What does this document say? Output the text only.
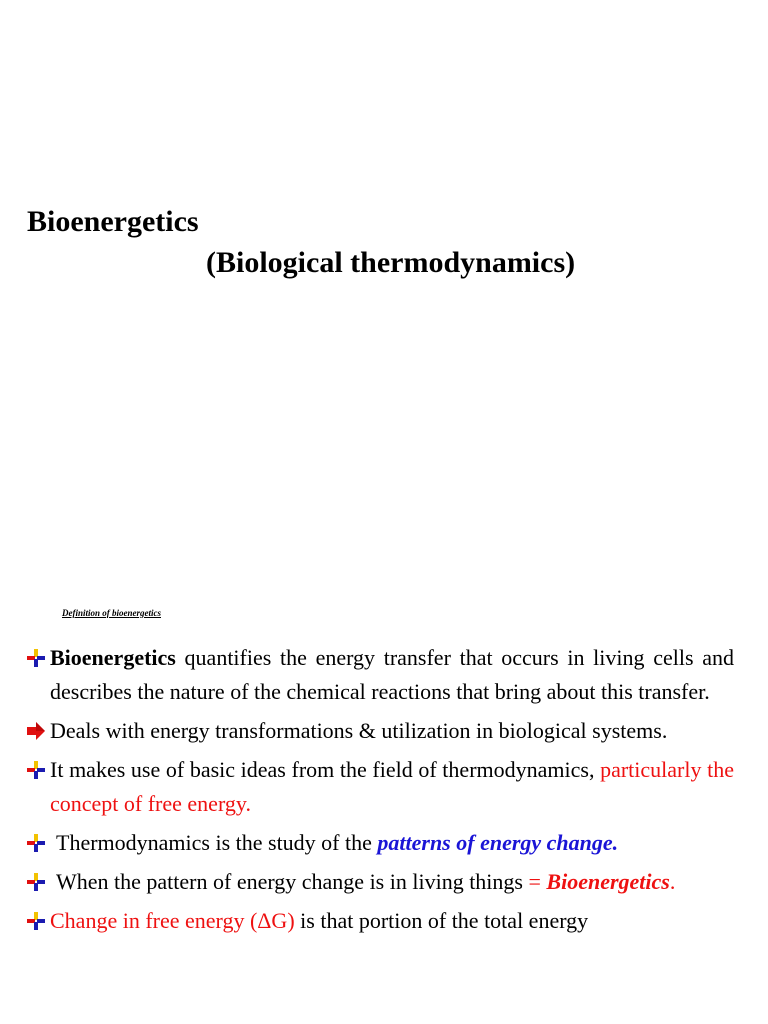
Bioenergetics
(Biological thermodynamics)
Definition of bioenergetics
Bioenergetics quantifies the energy transfer that occurs in living cells and describes the nature of the chemical reactions that bring about this transfer.
Deals with energy transformations & utilization in biological systems.
It makes use of basic ideas from the field of thermodynamics, particularly the concept of free energy.
Thermodynamics is the study of the patterns of energy change.
When the pattern of energy change is in living things = Bioenergetics.
Change in free energy (ΔG) is that portion of the total energy
